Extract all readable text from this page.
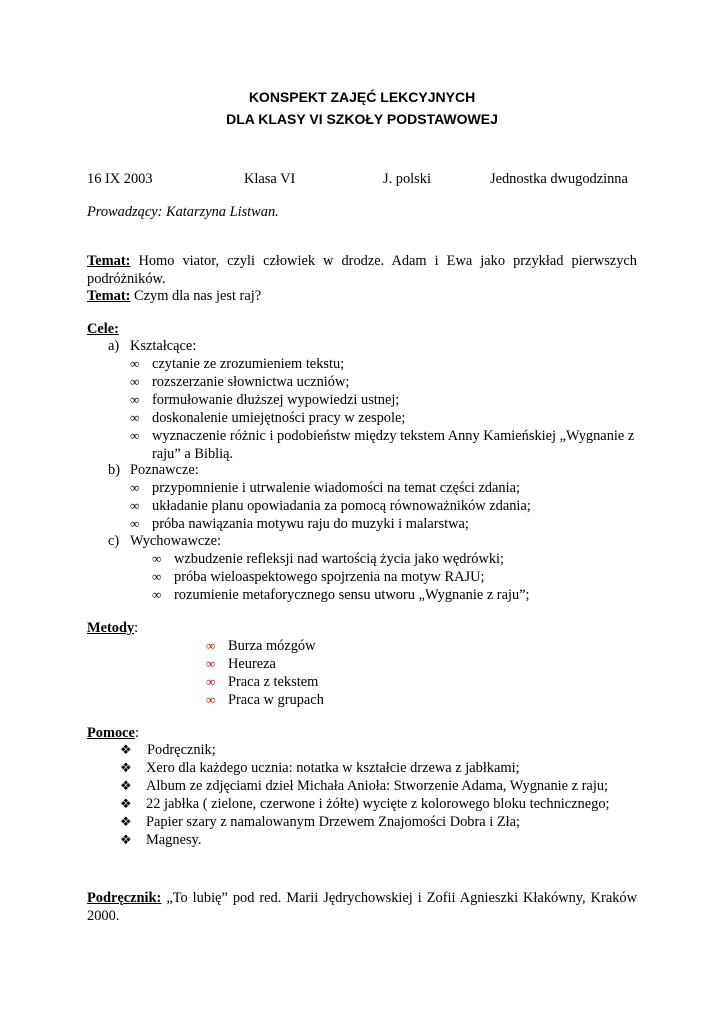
KONSPEKT ZAJĘĆ LEKCYJNYCH
DLA KLASY VI SZKOŁY PODSTAWOWEJ
16 IX 2003	Klasa VI	J. polski	Jednostka dwugodzinna
Prowadzący: Katarzyna Listwan.
Temat: Homo viator, czyli człowiek w drodze. Adam i Ewa jako przykład pierwszych podróżników.
Temat: Czym dla nas jest raj?
Cele:
a) Kształcące:
∞ czytanie ze zrozumieniem tekstu;
∞ rozszerzanie słownictwa uczniów;
∞ formułowanie dłuższej wypowiedzi ustnej;
∞ doskonalenie umiejętności pracy w zespole;
∞ wyznaczenie różnic i podobieństw między tekstem Anny Kamieńskiej „Wygnanie z raju” a Biblią.
b) Poznawcze:
∞ przypomnienie i utrwalenie wiadomości na temat części zdania;
∞ układanie planu opowiadania za pomocą równoważników zdania;
∞ próba nawiązania motywu raju do muzyki i malarstwa;
c) Wychowawcze:
∞ wzbudzenie refleksji nad wartością życia jako wędrówki;
∞ próba wieloaspektowego spojrzenia na motyw RAJU;
∞ rozumienie metaforycznego sensu utworu „Wygnanie z raju”;
Metody:
∞ Burza mózgów
∞ Heureza
∞ Praca z tekstem
∞ Praca w grupach
Pomoce:
❖ Podręcznik;
❖ Xero dla każdego ucznia: notatka w kształcie drzewa z jabłkami;
❖ Album ze zdjęciami dzieł Michała Anioła: Stworzenie Adama, Wygnanie z raju;
❖ 22 jabłka ( zielone, czerwone i żółte) wycięte z kolorowego bloku technicznego;
❖ Papier szary z namalowanym Drzewem Znajomości Dobra i Zła;
❖ Magnesy.
Podręcznik: „To lubię” pod red. Marii Jędrychowskiej i Zofii Agnieszki Kłakówny, Kraków 2000.
